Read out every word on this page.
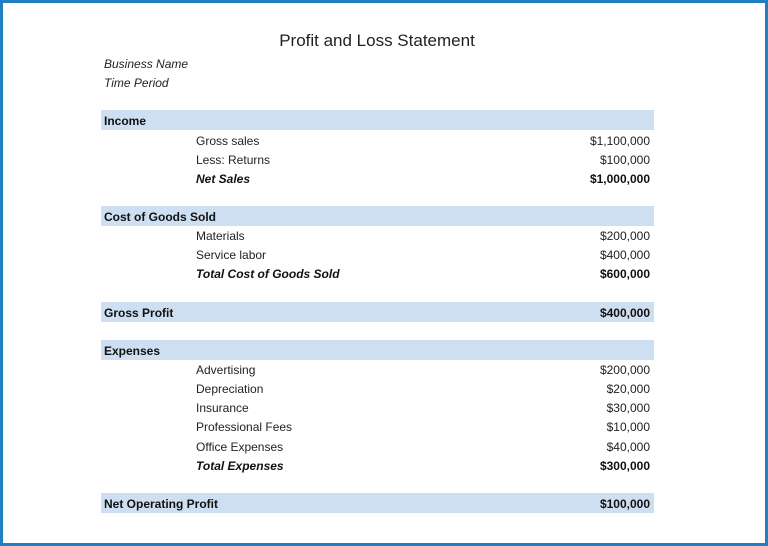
Profit and Loss Statement
Business Name
Time Period
Income
Gross sales	$1,100,000
Less: Returns	$100,000
Net Sales	$1,000,000
Cost of Goods Sold
Materials	$200,000
Service labor	$400,000
Total Cost of Goods Sold	$600,000
Gross Profit	$400,000
Expenses
Advertising	$200,000
Depreciation	$20,000
Insurance	$30,000
Professional Fees	$10,000
Office Expenses	$40,000
Total Expenses	$300,000
Net Operating Profit	$100,000
